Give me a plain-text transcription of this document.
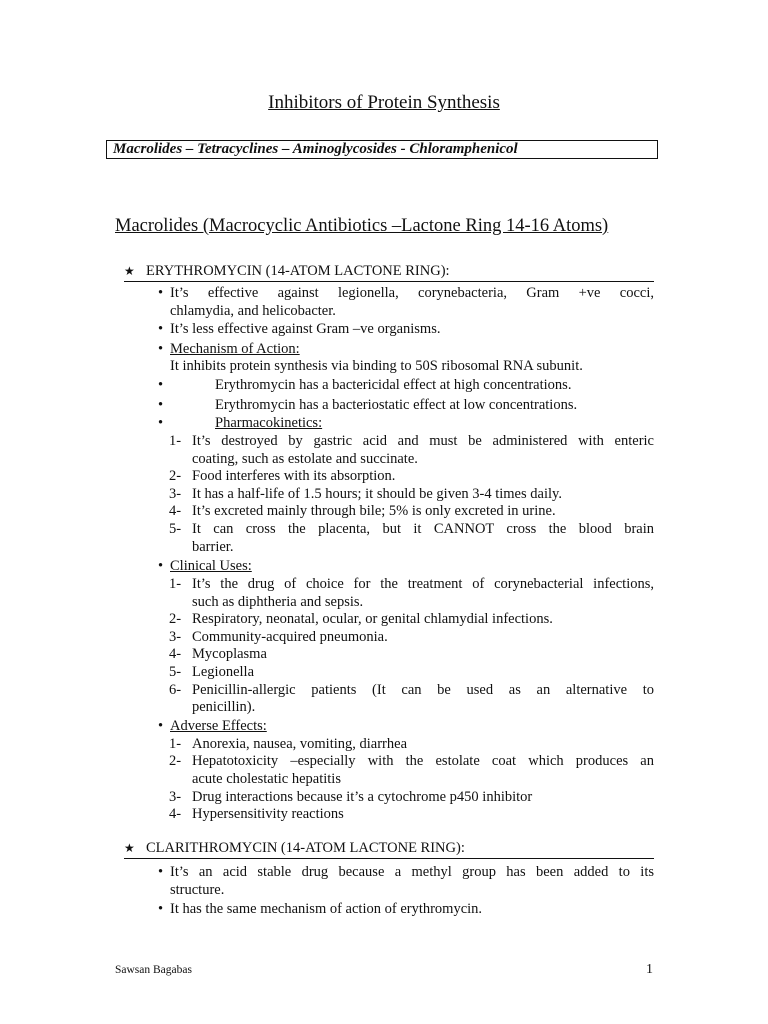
Inhibitors of Protein Synthesis
Macrolides – Tetracyclines – Aminoglycosides - Chloramphenicol
Macrolides (Macrocyclic Antibiotics –Lactone Ring 14-16 Atoms)
★ ERYTHROMYCIN (14-ATOM LACTONE RING):
• It’s effective against legionella, corynebacteria, Gram +ve cocci,
chlamydia, and helicobacter.
• It’s less effective against Gram –ve organisms.
• Mechanism of Action:
It inhibits protein synthesis via binding to 50S ribosomal RNA subunit.
•	Erythromycin has a bactericidal effect at high concentrations.
•	Erythromycin has a bacteriostatic effect at low concentrations.
•	Pharmacokinetics:
1- It’s destroyed by gastric acid and must be administered with enteric
coating, such as estolate and succinate.
2- Food interferes with its absorption.
3- It has a half-life of 1.5 hours; it should be given 3-4 times daily.
4- It’s excreted mainly through bile; 5% is only excreted in urine.
5- It can cross the placenta, but it CANNOT cross the blood brain
barrier.
• Clinical Uses:
1- It’s the drug of choice for the treatment of corynebacterial infections,
such as diphtheria and sepsis.
2- Respiratory, neonatal, ocular, or genital chlamydial infections.
3- Community-acquired pneumonia.
4- Mycoplasma
5- Legionella
6- Penicillin-allergic patients (It can be used as an alternative to
penicillin).
• Adverse Effects:
1- Anorexia, nausea, vomiting, diarrhea
2- Hepatotoxicity –especially with the estolate coat which produces an
acute cholestatic hepatitis
3- Drug interactions because it’s a cytochrome p450 inhibitor
4- Hypersensitivity reactions
★ CLARITHROMYCIN (14-ATOM LACTONE RING):
• It’s an acid stable drug because a methyl group has been added to its
structure.
• It has the same mechanism of action of erythromycin.
Sawsan Bagabas	1
